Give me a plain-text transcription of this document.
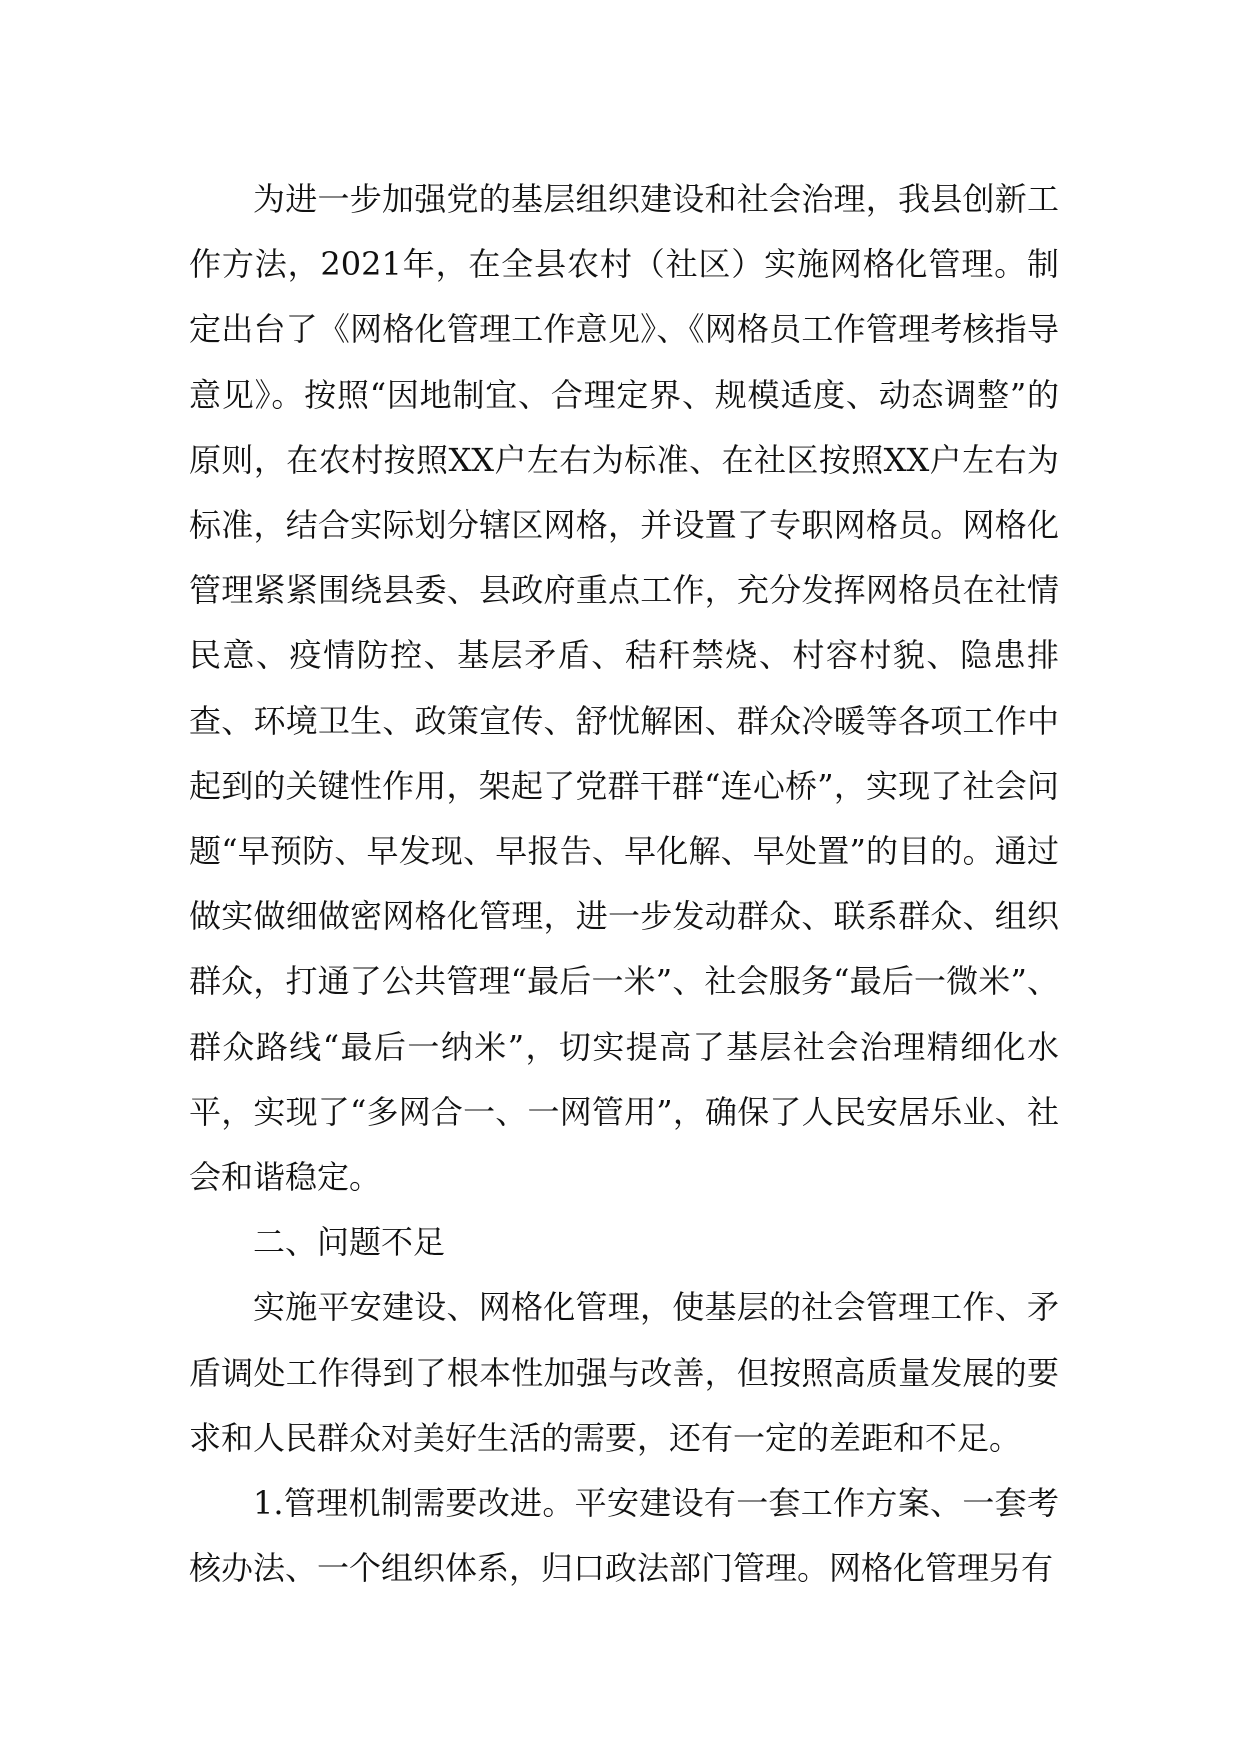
为进一步加强党的基层组织建设和社会治理，我县创新工作方法，2021年，在全县农村（社区）实施网格化管理。制定出台了《网格化管理工作意见》、《网格员工作管理考核指导意见》。按照“因地制宜、合理定界、规模适度、动态调整”的原则，在农村按照XX户左右为标准、在社区按照XX户左右为标准，结合实际划分辖区网格，并设置了专职网格员。网格化管理紧紧围绕县委、县政府重点工作，充分发挥网格员在社情民意、疫情防控、基层矛盾、秸秆禁烧、村容村貌、隐患排查、环境卫生、政策宣传、舒忧解困、群众冷暖等各项工作中起到的关键性作用，架起了党群干群“连心桥”，实现了社会问题“早预防、早发现、早报告、早化解、早处置”的目的。通过做实做细做密网格化管理，进一步发动群众、联系群众、组织群众，打通了公共管理“最后一米”、社会服务“最后一微米”、群众路线“最后一纳米”，切实提高了基层社会治理精细化水平，实现了“多网合一、一网管用”，确保了人民安居乐业、社会和谐稳定。

二、问题不足

实施平安建设、网格化管理，使基层的社会管理工作、矛盾调处工作得到了根本性加强与改善，但按照高质量发展的要求和人民群众对美好生活的需要，还有一定的差距和不足。

1.管理机制需要改进。平安建设有一套工作方案、一套考核办法、一个组织体系，归口政法部门管理。网格化管理另有
